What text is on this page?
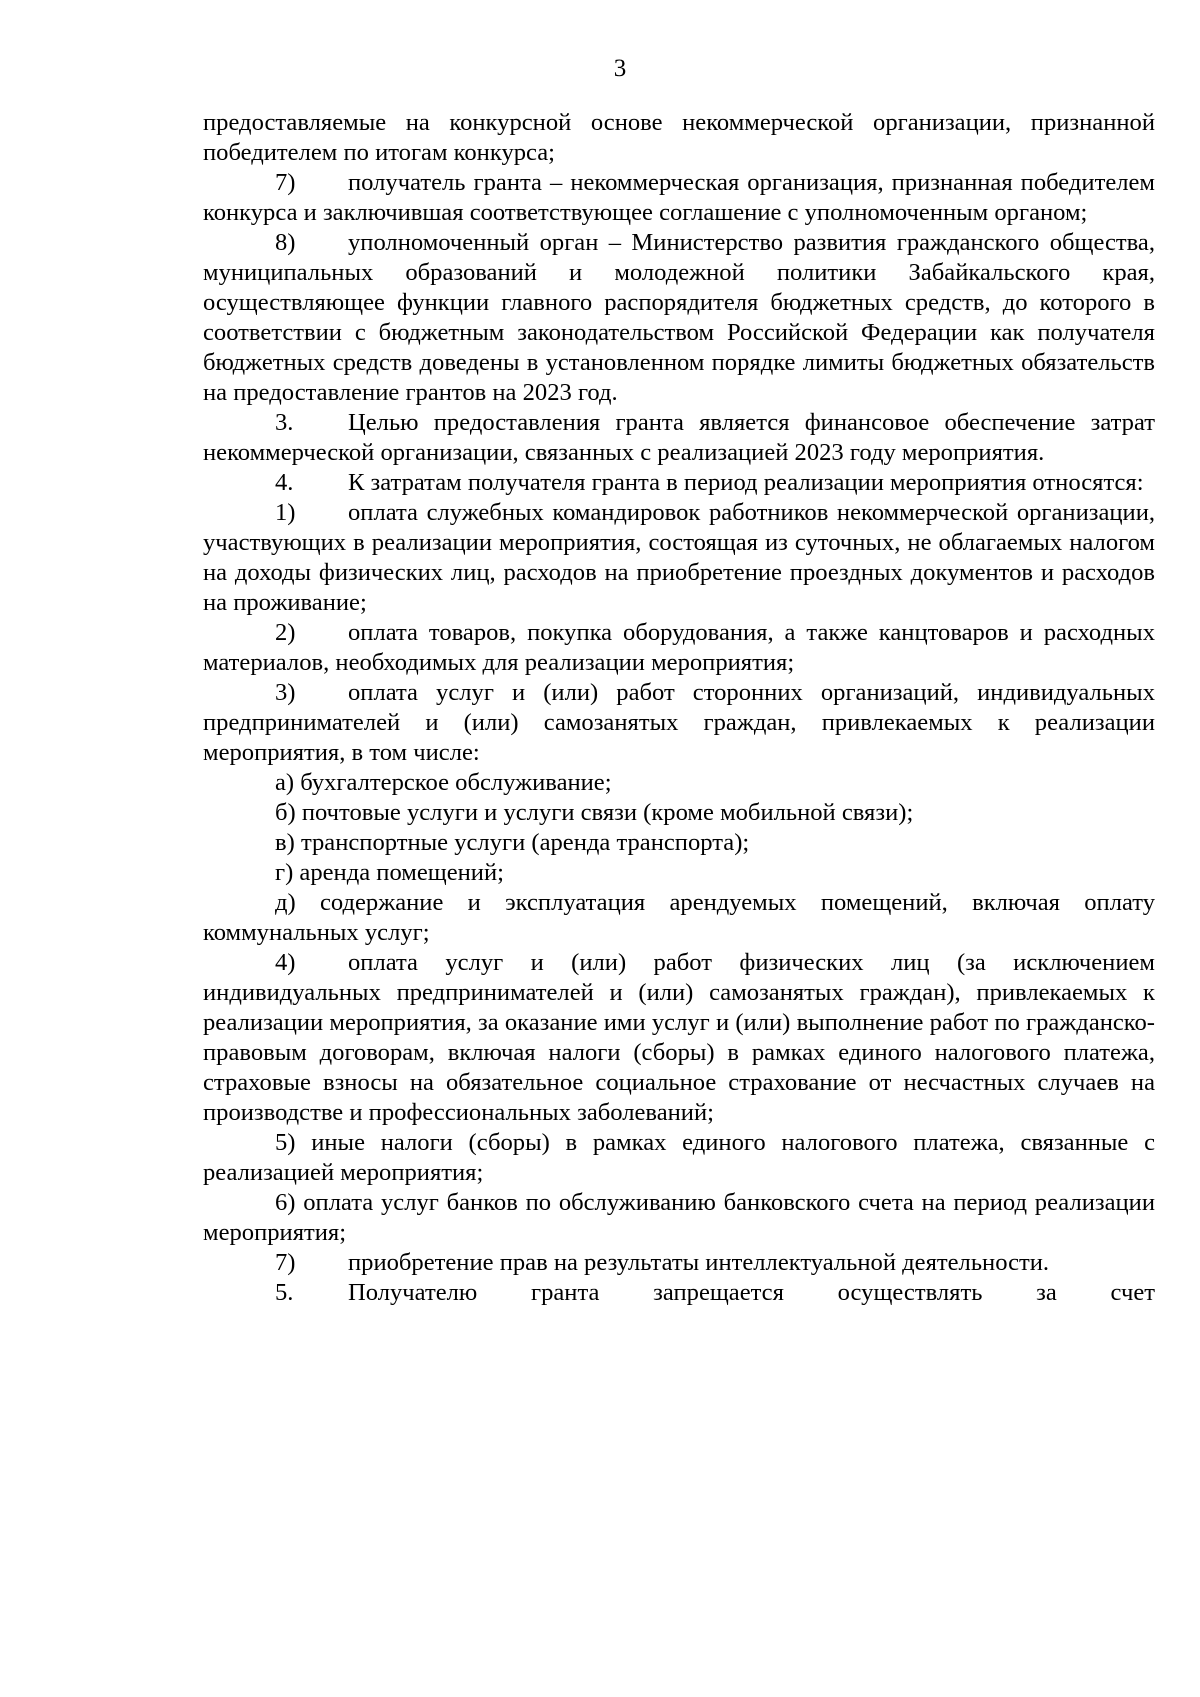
3

предоставляемые на конкурсной основе некоммерческой организации, признанной победителем по итогам конкурса;

7) получатель гранта – некоммерческая организация, признанная победителем конкурса и заключившая соответствующее соглашение с уполномоченным органом;

8) уполномоченный орган – Министерство развития гражданского общества, муниципальных образований и молодежной политики Забайкальского края, осуществляющее функции главного распорядителя бюджетных средств, до которого в соответствии с бюджетным законодательством Российской Федерации как получателя бюджетных средств доведены в установленном порядке лимиты бюджетных обязательств на предоставление грантов на 2023 год.

3. Целью предоставления гранта является финансовое обеспечение затрат некоммерческой организации, связанных с реализацией 2023 году мероприятия.

4. К затратам получателя гранта в период реализации мероприятия относятся:

1) оплата служебных командировок работников некоммерческой организации, участвующих в реализации мероприятия, состоящая из суточных, не облагаемых налогом на доходы физических лиц, расходов на приобретение проездных документов и расходов на проживание;

2) оплата товаров, покупка оборудования, а также канцтоваров и расходных материалов, необходимых для реализации мероприятия;

3) оплата услуг и (или) работ сторонних организаций, индивидуальных предпринимателей и (или) самозанятых граждан, привлекаемых к реализации мероприятия, в том числе:

а) бухгалтерское обслуживание;

б) почтовые услуги и услуги связи (кроме мобильной связи);

в) транспортные услуги (аренда транспорта);

г) аренда помещений;

д) содержание и эксплуатация арендуемых помещений, включая оплату коммунальных услуг;

4) оплата услуг и (или) работ физических лиц (за исключением индивидуальных предпринимателей и (или) самозанятых граждан), привлекаемых к реализации мероприятия, за оказание ими услуг и (или) выполнение работ по гражданско-правовым договорам, включая налоги (сборы) в рамках единого налогового платежа, страховые взносы на обязательное социальное страхование от несчастных случаев на производстве и профессиональных заболеваний;

5) иные налоги (сборы) в рамках единого налогового платежа, связанные с реализацией мероприятия;

6) оплата услуг банков по обслуживанию банковского счета на период реализации мероприятия;

7) приобретение прав на результаты интеллектуальной деятельности.

5. Получателю гранта запрещается осуществлять за счет
